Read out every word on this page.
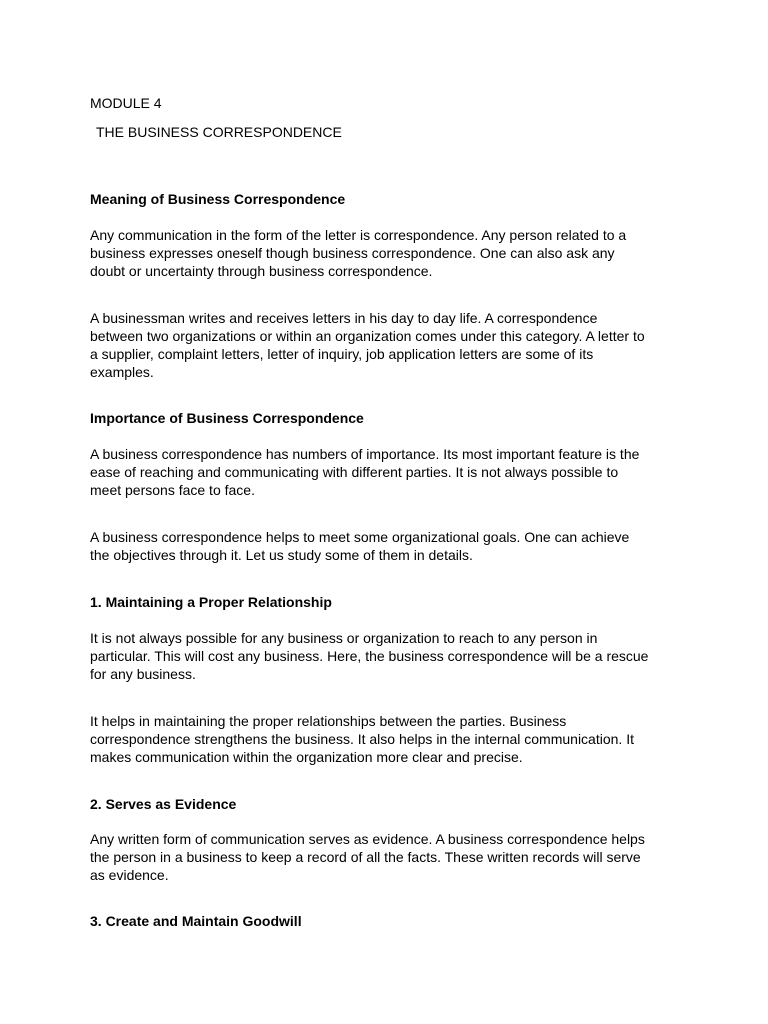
MODULE 4

THE BUSINESS CORRESPONDENCE

Meaning of Business Correspondence

Any communication in the form of the letter is correspondence. Any person related to a
business expresses oneself though business correspondence. One can also ask any
doubt or uncertainty through business correspondence.
A businessman writes and receives letters in his day to day life. A correspondence
between two organizations or within an organization comes under this category. A letter to
a supplier, complaint letters, letter of inquiry, job application letters are some of its
examples.

Importance of Business Correspondence

A business correspondence has numbers of importance. Its most important feature is the
ease of reaching and communicating with different parties. It is not always possible to
meet persons face to face.
A business correspondence helps to meet some organizational goals. One can achieve
the objectives through it. Let us study some of them in details.

1. Maintaining a Proper Relationship

It is not always possible for any business or organization to reach to any person in
particular. This will cost any business. Here, the business correspondence will be a rescue
for any business.
It helps in maintaining the proper relationships between the parties. Business
correspondence strengthens the business. It also helps in the internal communication. It
makes communication within the organization more clear and precise.

2. Serves as Evidence

Any written form of communication serves as evidence. A business correspondence helps
the person in a business to keep a record of all the facts. These written records will serve
as evidence.

3. Create and Maintain Goodwill
